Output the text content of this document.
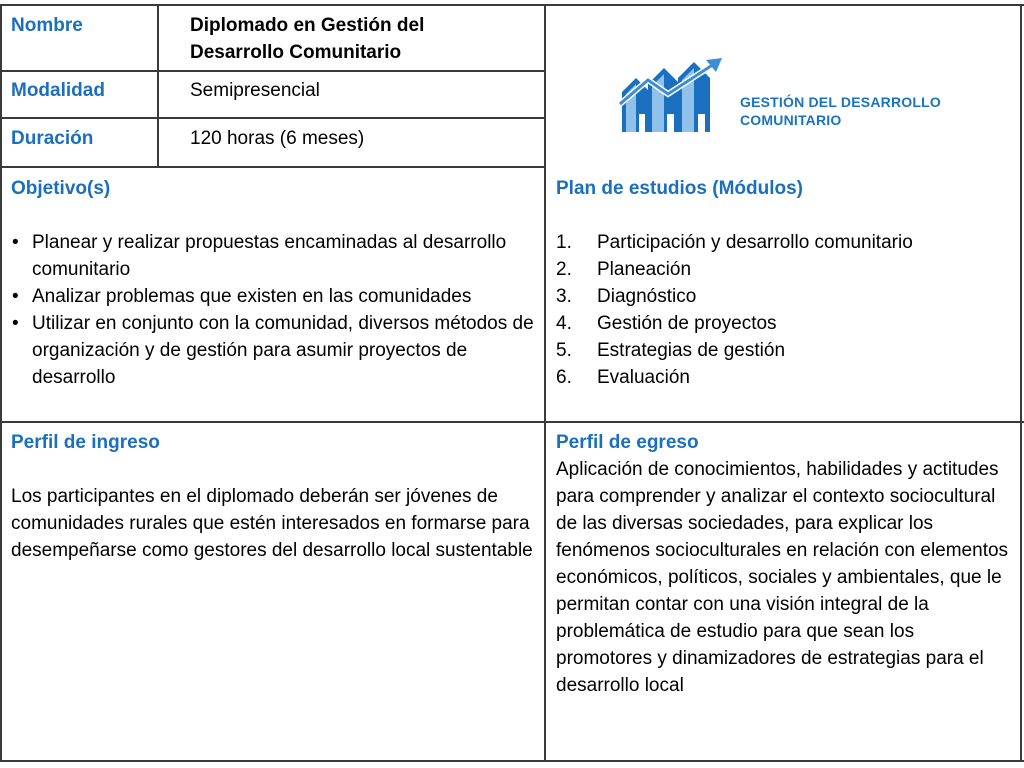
Nombre	Diplomado en Gestión del Desarrollo Comunitario
Modalidad	Semipresencial
Duración	120 horas (6 meses)
GESTIÓN DEL DESARROLLO
COMUNITARIO
Objetivo(s)
• Planear y realizar propuestas encaminadas al desarrollo comunitario
• Analizar problemas que existen en las comunidades
• Utilizar en conjunto con la comunidad, diversos métodos de organización y de gestión para asumir proyectos de desarrollo
Plan de estudios (Módulos)
1. Participación y desarrollo comunitario
2. Planeación
3. Diagnóstico
4. Gestión de proyectos
5. Estrategias de gestión
6. Evaluación
Perfil de ingreso
Los participantes en el diplomado deberán ser jóvenes de comunidades rurales que estén interesados en formarse para desempeñarse como gestores del desarrollo local sustentable
Perfil de egreso
Aplicación de conocimientos, habilidades y actitudes para comprender y analizar el contexto sociocultural de las diversas sociedades, para explicar los fenómenos socioculturales en relación con elementos económicos, políticos, sociales y ambientales, que le permitan contar con una visión integral de la problemática de estudio para que sean los promotores y dinamizadores de estrategias para el desarrollo local
